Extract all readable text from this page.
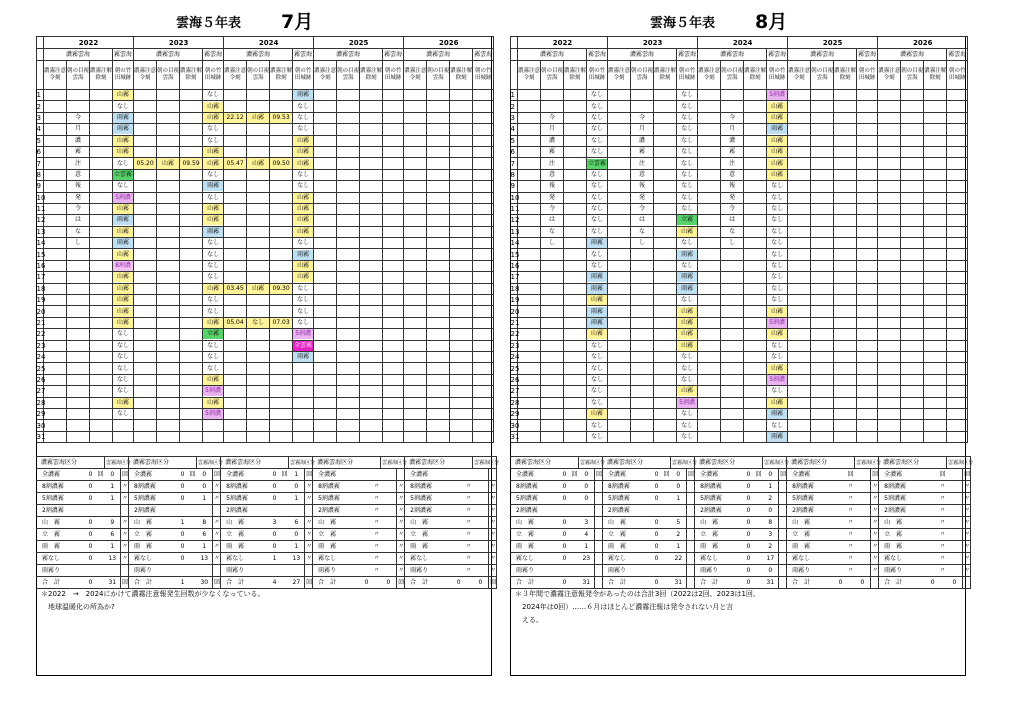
雲海５年表 7月
	2022				2023				2024				2025				2026			
	濃霧雲海			霧雲海	濃霧雲海			霧雲海	濃霧雲海			霧雲海	濃霧雲海			霧雲海	濃霧雲海			霧雲海
	濃霧注意令刻	朝の目視雲海	濃霧注解除刻	朝の竹田城跡	濃霧注意令刻	朝の目視雲海	濃霧注解除刻	朝の竹田城跡	濃霧注意令刻	朝の目視雲海	濃霧注解除刻	朝の竹田城跡	濃霧注意令刻	朝の目視雲海	濃霧注解除刻	朝の竹田城跡	濃霧注意令刻	朝の目視雲海	濃霧注解除刻	朝の竹田城跡
1				山霧				なし				雨霧								

2				なし				山霧				なし								

3		今		雨霧				山霧	22.12	山霧	09.53	なし								

4		月		雨霧				なし				なし								

5		濃		山霧				なし				山霧								

6		霧		山霧				山霧				山霧								

7		注		なし	05.20	山霧	09.59	山霧	05.47	山霧	09.50	山霧								

8		意		立雲霧				なし				なし								

9		報		なし				雨霧				なし								

10		発		5割濃				なし				山霧								

11		令		山霧				山霧				山霧								

12		は		雨霧				山霧				山霧								

13		な		山霧				雨霧				山霧								

14		し		雨霧				なし				なし								

15				山霧				なし				雨霧								

16				8割濃				なし				山霧								

17				山霧				なし				山霧								

18				山霧				山霧	03.45	山霧	09.30	なし								

19				山霧				なし				なし								

20				山霧				なし				なし								

21				山霧				山霧	05.04	なし	07.03	なし								

22				なし				立霧				5割濃								

23				なし				なし				全雲霧								

24				なし				なし				雨霧								

25				なし				なし												

26				なし				山霧												

27				なし				5割濃												

28				山霧				山霧												

29				なし				5割濃												

30																				
31																				
濃霧雲海区分			雲霧海区分		濃霧雲海区分			雲霧海区分		濃霧雲海区分			雲霧海区分		濃霧雲海区分			雲霧海区分		濃霧雲海区分			雲霧海区分	
全濃霧	0	回	0	回	全濃霧	0	回	0	回	全濃霧	0	回	1	回	全濃霧					全濃霧				
8割濃霧	0		1	〃	8割濃霧	0		0	〃	8割濃霧	0		0	〃	8割濃霧		〃		〃	8割濃霧		〃		〃
5割濃霧	0		1	〃	5割濃霧	0		1	〃	5割濃霧	0		1	〃	5割濃霧		〃		〃	5割濃霧		〃		〃
2割濃霧					2割濃霧					2割濃霧					2割濃霧		〃		〃	2割濃霧		〃		〃
山　霧	0		9	〃	山　霧	1		8	〃	山　霧	3		6	〃	山　霧		〃		〃	山　霧		〃		〃
立　霧	0		6	〃	立　霧	0		6	〃	立　霧	0		0	〃	立　霧		〃		〃	立　霧		〃		〃
雨　霧	0		1	〃	雨　霧	0		1	〃	雨　霧	0		1	〃	雨　霧		〃		〃	雨　霧		〃		〃
霧なし	0		13	〃	霧なし	0		13	〃	霧なし	1		13	〃	霧なし		〃		〃	霧なし		〃		〃
雨霧り					雨霧り					雨霧り					雨霧り		〃		〃	雨霧り		〃		〃
合　計	0		31	回	合　計	1		30	回	合　計	4		27	回	合　計	0		0	回	合　計	0		0	回
＊2022　→　2024にかけて濃霧注意報発生回数が少なくなっている。
　地球温暖化の所為か?
雲海５年表 8月
	2022				2023				2024				2025				2026			
	濃霧雲海			霧雲海	濃霧雲海			霧雲海	濃霧雲海			霧雲海	濃霧雲海			霧雲海	濃霧雲海			霧雲海
	濃霧注意令刻	朝の目視雲海	濃霧注解除刻	朝の竹田城跡	濃霧注意令刻	朝の目視雲海	濃霧注解除刻	朝の竹田城跡	濃霧注意令刻	朝の目視雲海	濃霧注解除刻	朝の竹田城跡	濃霧注意令刻	朝の目視雲海	濃霧注解除刻	朝の竹田城跡	濃霧注意令刻	朝の目視雲海	濃霧注解除刻	朝の竹田城跡
1				なし				なし				5割濃								

2				なし				なし				山霧								

3		今		なし		今		なし		今		山霧								

4		月		なし		月		なし		月		雨霧								

5		濃		なし		濃		なし		濃		山霧								

6		霧		なし		霧		なし		霧		山霧								

7		注		立雲霧		注		なし		注		山霧								

8		意		なし		意		なし		意		山霧								

9		報		なし		報		なし		報		なし								

10		発		なし		発		なし		発		なし								

11		令		なし		令		なし		令		なし								

12		は		なし		は		立霧		は		なし								

13		な		なし		な		山霧		な		なし								

14		し		雨霧		し		なし		し		なし								

15				なし				雨霧				なし								

16				なし				なし				なし								

17				雨霧				雨霧				なし								

18				雨霧				雨霧				なし								

19				山霧				なし				なし								

20				雨霧				山霧				山霧								

21				雨霧				山霧				5割濃								

22				山霧				山霧				山霧								

23				なし				山霧				なし								

24				なし				なし				なし								

25				なし				なし				山霧								

26				なし				なし				5割濃								

27				なし				山霧				なし								

28				なし				5割濃				山霧								

29				山霧				なし				雨霧								

30				なし				なし				なし								

31				なし				なし				雨霧								

濃霧雲海区分			雲霧海区分		濃霧雲海区分			雲霧海区分		濃霧雲海区分			雲霧海区分		濃霧雲海区分			雲霧海区分		濃霧雲海区分			雲霧海区分	
全濃霧	0	回	0	回	全濃霧	0	回	0	回	全濃霧	0	回	0	回	全濃霧		回		回	全濃霧		回		回
8割濃霧	0		0		8割濃霧	0		0		8割濃霧	0		1		8割濃霧		〃		〃	8割濃霧		〃		〃
5割濃霧	0		0		5割濃霧	0		1		5割濃霧	0		2		5割濃霧		〃		〃	5割濃霧		〃		〃
2割濃霧					2割濃霧					2割濃霧	0		0		2割濃霧		〃		〃	2割濃霧		〃		〃
山　霧	0		3		山　霧	0		5		山　霧	0		8		山　霧		〃		〃	山　霧		〃		〃
立　霧	0		4		立　霧	0		2		立　霧	0		3		立　霧		〃		〃	立　霧		〃		〃
雨　霧	0		1		雨　霧	0		1		雨　霧	0		2		雨　霧		〃		〃	雨　霧		〃		〃
霧なし	0		23		霧なし	0		22		霧なし	0		17		霧なし		〃		〃	霧なし		〃		〃
雨霧り					雨霧り					雨霧り	0		0		雨霧り		〃		〃	雨霧り		〃		〃
合　計	0		31		合　計	0		31		合　計	0		31		合　計	0		0		合　計	0		0	
＊３年間で濃霧注意報発令があったのは合計3回（2022は2回、2023は1回、
　2024年は0回）……６月はほとんど濃霧注報は発令されない月と言
　える。
